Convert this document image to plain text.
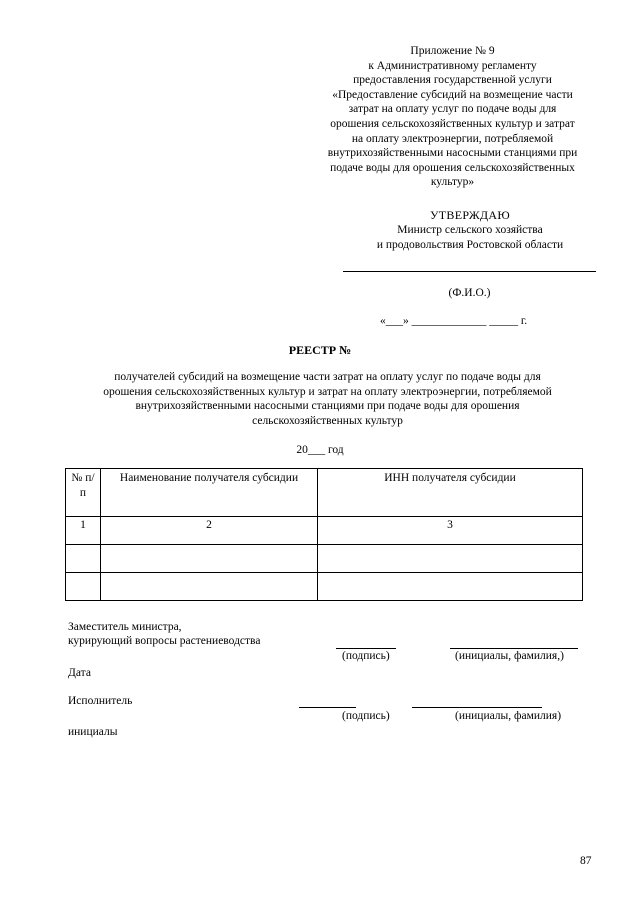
Приложение № 9
к Административному регламенту
предоставления государственной услуги
«Предоставление субсидий на возмещение части
затрат на оплату услуг по подаче воды для
орошения сельскохозяйственных культур и затрат
на оплату электроэнергии, потребляемой
внутрихозяйственными насосными станциями при
подаче воды для орошения сельскохозяйственных
культур»
УТВЕРЖДАЮ
Министр сельского хозяйства
и продовольствия Ростовской области
(Ф.И.О.)
«___» _____________ _____ г.
РЕЕСТР №
получателей субсидий на возмещение части затрат на оплату услуг по подаче воды для
орошения сельскохозяйственных культур и затрат на оплату электроэнергии, потребляемой
внутрихозяйственными насосными станциями при подаче воды для орошения
сельскохозяйственных культур
20___ год
№ п/п	Наименование получателя субсидии	ИНН получателя субсидии
1	2	3

Заместитель министра,
курирующий вопросы растениеводства
(подпись)	(инициалы, фамилия,)
Дата
Исполнитель
(подпись)	(инициалы, фамилия)
инициалы
87
